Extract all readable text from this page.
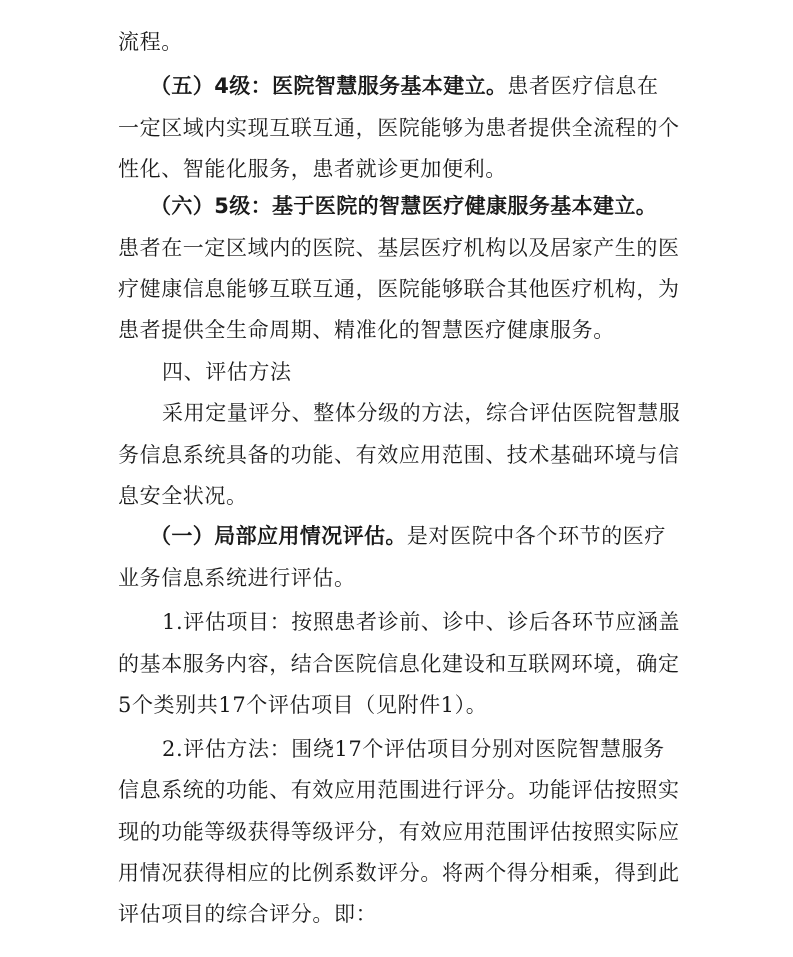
流程。
（五）4级：医院智慧服务基本建立。患者医疗信息在
一定区域内实现互联互通，医院能够为患者提供全流程的个
性化、智能化服务，患者就诊更加便利。
（六）5级：基于医院的智慧医疗健康服务基本建立。
患者在一定区域内的医院、基层医疗机构以及居家产生的医
疗健康信息能够互联互通，医院能够联合其他医疗机构，为
患者提供全生命周期、精准化的智慧医疗健康服务。
四、评估方法
采用定量评分、整体分级的方法，综合评估医院智慧服
务信息系统具备的功能、有效应用范围、技术基础环境与信
息安全状况。
（一）局部应用情况评估。是对医院中各个环节的医疗
业务信息系统进行评估。
1.评估项目：按照患者诊前、诊中、诊后各环节应涵盖
的基本服务内容，结合医院信息化建设和互联网环境，确定
5个类别共17个评估项目（见附件1）。
2.评估方法：围绕17个评估项目分别对医院智慧服务
信息系统的功能、有效应用范围进行评分。功能评估按照实
现的功能等级获得等级评分，有效应用范围评估按照实际应
用情况获得相应的比例系数评分。将两个得分相乘，得到此
评估项目的综合评分。即：
